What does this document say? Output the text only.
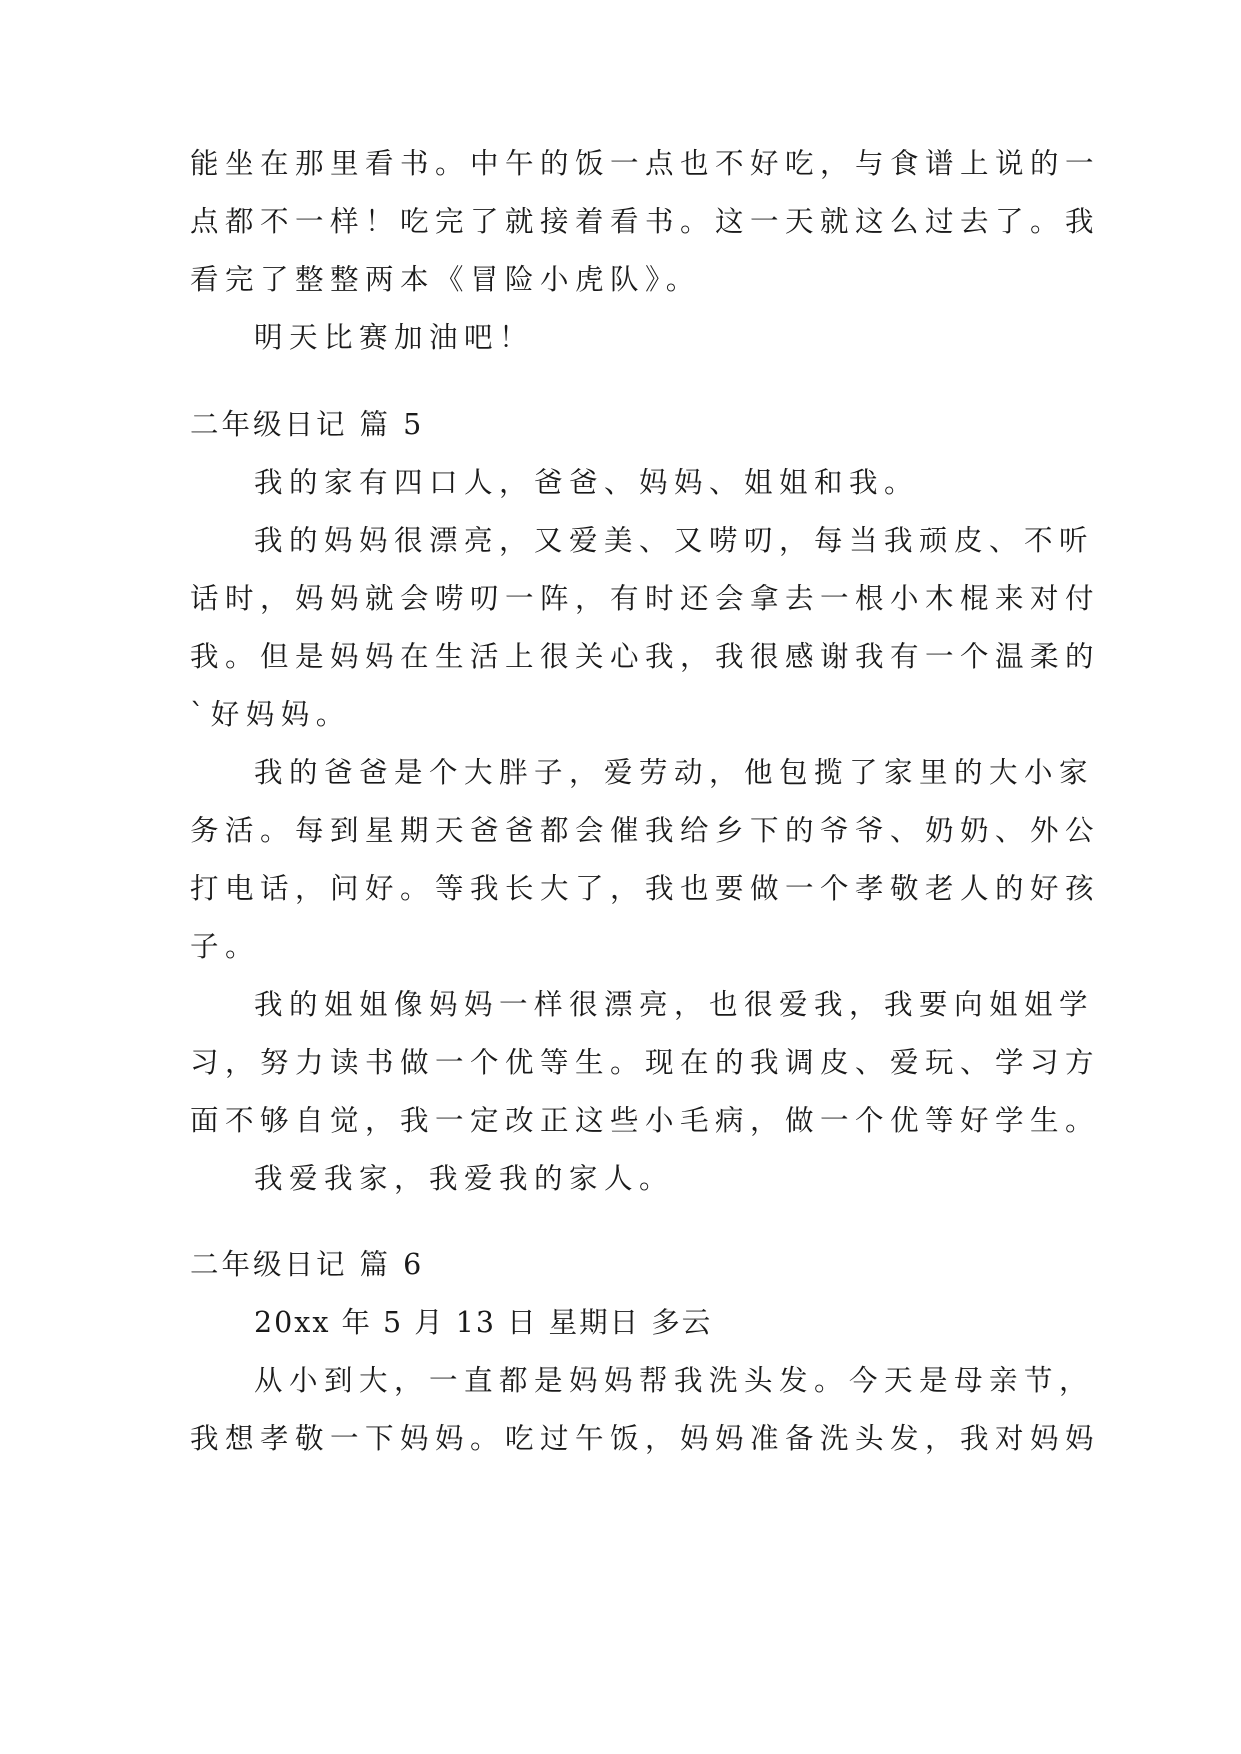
能坐在那里看书。中午的饭一点也不好吃，与食谱上说的一
点都不一样！吃完了就接着看书。这一天就这么过去了。我
看完了整整两本《冒险小虎队》。
明天比赛加油吧！
二年级日记 篇 5
我的家有四口人，爸爸、妈妈、姐姐和我。
我的妈妈很漂亮，又爱美、又唠叨，每当我顽皮、不听
话时，妈妈就会唠叨一阵，有时还会拿去一根小木棍来对付
我。但是妈妈在生活上很关心我，我很感谢我有一个温柔的
`好妈妈。
我的爸爸是个大胖子，爱劳动，他包揽了家里的大小家
务活。每到星期天爸爸都会催我给乡下的爷爷、奶奶、外公
打电话，问好。等我长大了，我也要做一个孝敬老人的好孩
子。
我的姐姐像妈妈一样很漂亮，也很爱我，我要向姐姐学
习，努力读书做一个优等生。现在的我调皮、爱玩、学习方
面不够自觉，我一定改正这些小毛病，做一个优等好学生。
我爱我家，我爱我的家人。
二年级日记 篇 6
20xx 年 5 月 13 日 星期日 多云
从小到大，一直都是妈妈帮我洗头发。今天是母亲节，
我想孝敬一下妈妈。吃过午饭，妈妈准备洗头发，我对妈妈
